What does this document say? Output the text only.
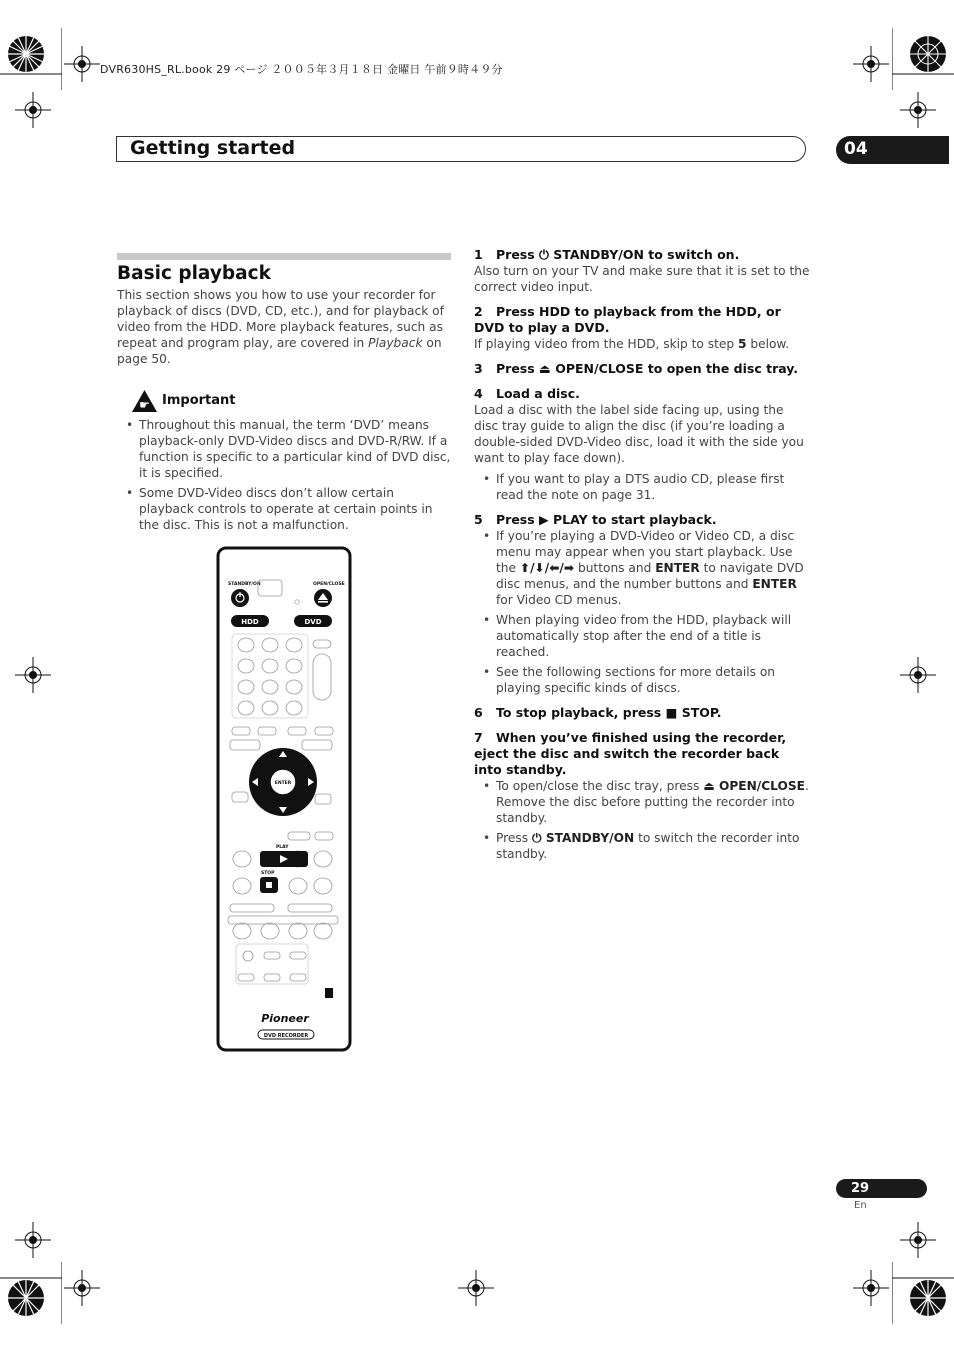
DVR630HS_RL.book 29 ページ ２００５年３月１８日 金曜日 午前９時４９分
Getting started	04
Basic playback
This section shows you how to use your recorder for playback of discs (DVD, CD, etc.), and for playback of video from the HDD. More playback features, such as repeat and program play, are covered in Playback on page 50.
☛ Important
• Throughout this manual, the term ‘DVD’ means playback-only DVD-Video discs and DVD-R/RW. If a function is specific to a particular kind of DVD disc, it is specified.
• Some DVD-Video discs don’t allow certain playback controls to operate at certain points in the disc. This is not a malfunction.
STANDBY/ON	OPEN/CLOSE
HDD	DVD
ENTER
PLAY
STOP
Pioneer
DVD RECORDER
1 Press ⏻ STANDBY/ON to switch on.
Also turn on your TV and make sure that it is set to the correct video input.
2 Press HDD to playback from the HDD, or DVD to play a DVD.
If playing video from the HDD, skip to step 5 below.
3 Press ⏏ OPEN/CLOSE to open the disc tray.
4 Load a disc.
Load a disc with the label side facing up, using the disc tray guide to align the disc (if you’re loading a double-sided DVD-Video disc, load it with the side you want to play face down).
• If you want to play a DTS audio CD, please first read the note on page 31.
5 Press ▶ PLAY to start playback.
• If you’re playing a DVD-Video or Video CD, a disc menu may appear when you start playback. Use the ⬆/⬇/⬅/➡ buttons and ENTER to navigate DVD disc menus, and the number buttons and ENTER for Video CD menus.
• When playing video from the HDD, playback will automatically stop after the end of a title is reached.
• See the following sections for more details on playing specific kinds of discs.
6 To stop playback, press ■ STOP.
7 When you’ve finished using the recorder, eject the disc and switch the recorder back into standby.
• To open/close the disc tray, press ⏏ OPEN/CLOSE. Remove the disc before putting the recorder into standby.
• Press ⏻ STANDBY/ON to switch the recorder into standby.
29
En
